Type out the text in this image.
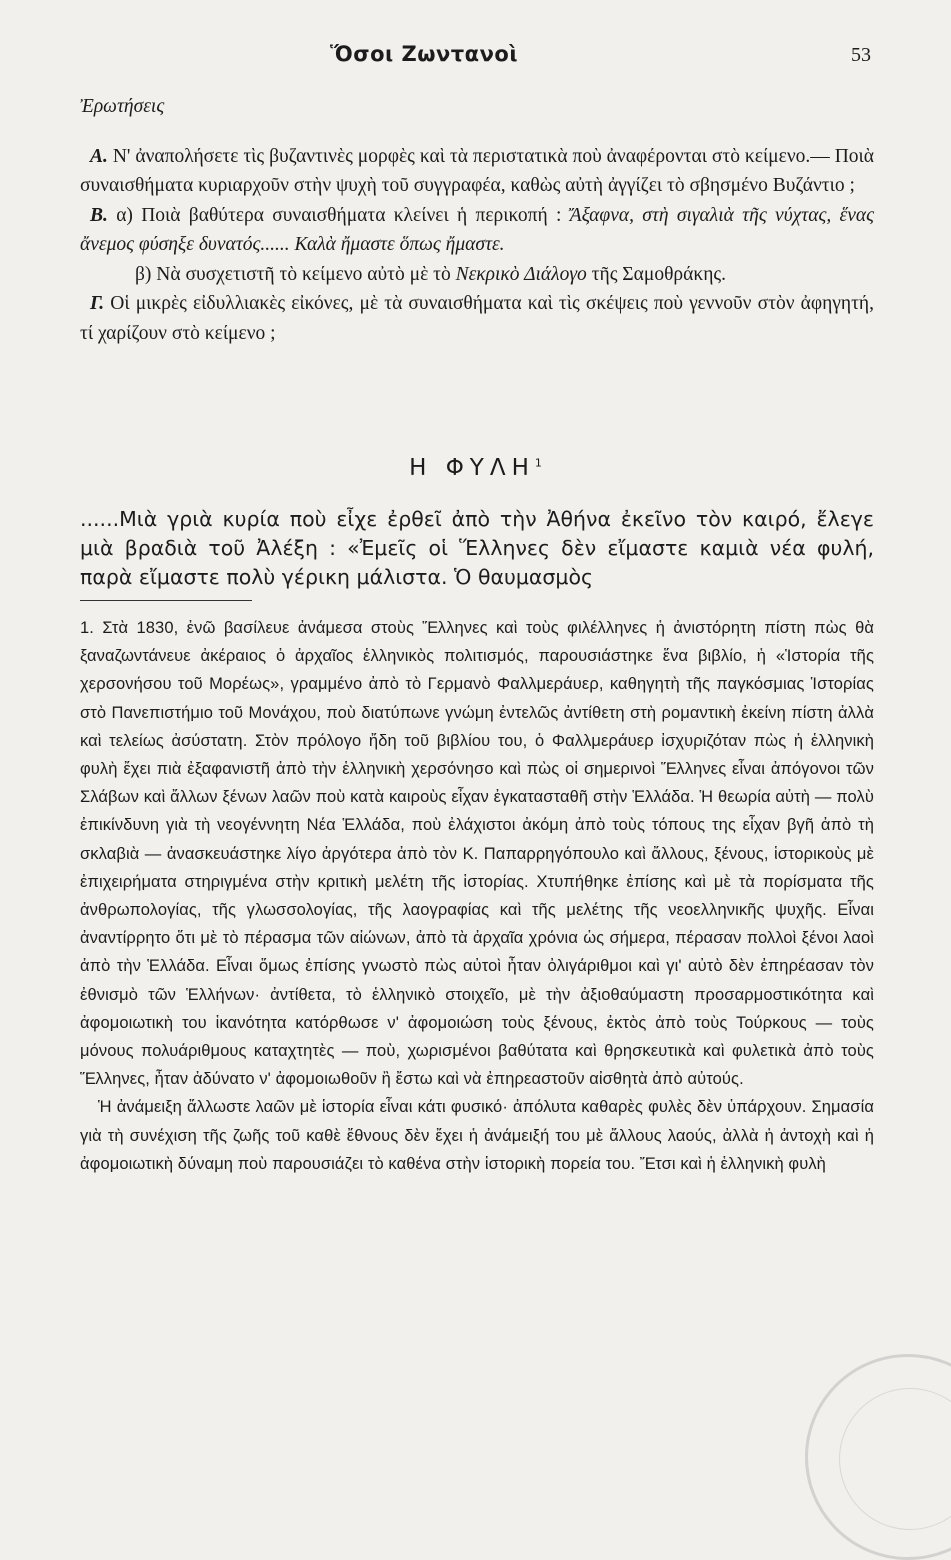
Ὅσοι Ζωντανοὶ	53
Ἐρωτήσεις

Α. Ν' ἀναπολήσετε τὶς βυζαντινὲς μορφὲς καὶ τὰ περιστατικὰ ποὺ ἀναφέρονται στὸ κείμενο.— Ποιὰ συναισθήματα κυριαρχοῦν στὴν ψυχὴ τοῦ συγγραφέα, καθὼς αὐτὴ ἀγγίζει τὸ σβησμένο Βυζάντιο ;

Β. α) Ποιὰ βαθύτερα συναισθήματα κλείνει ἡ περικοπή : Ἄξαφνα, στὴ σιγαλιὰ τῆς νύχτας, ἕνας ἄνεμος φύσηξε δυνατός...... Καλὰ ἤμαστε ὅπως ἤμαστε.

β) Νὰ συσχετιστῆ τὸ κείμενο αὐτὸ μὲ τὸ Νεκρικὸ Διάλογο τῆς Σαμοθράκης.

Γ. Οἱ μικρὲς εἰδυλλιακὲς εἰκόνες, μὲ τὰ συναισθήματα καὶ τὶς σκέψεις ποὺ γεννοῦν στὸν ἀφηγητή, τί χαρίζουν στὸ κείμενο ;

Η ΦΥΛΗ$^1$
......Μιὰ γριὰ κυρία ποὺ εἶχε ἐρθεῖ ἀπὸ τὴν Ἀθήνα ἐκεῖνο τὸν καιρό, ἔλεγε μιὰ βραδιὰ τοῦ Ἀλέξη : «Ἐμεῖς οἱ Ἕλληνες δὲν εἴμαστε καμιὰ νέα φυλή, παρὰ εἴμαστε πολὺ γέρικη μάλιστα. Ὁ θαυμασμὸς

1. Στὰ 1830, ἐνῶ βασίλευε ἀνάμεσα στοὺς Ἕλληνες καὶ τοὺς φιλέλληνες ἡ ἀνιστόρητη πίστη πὼς θὰ ξαναζωντάνευε ἀκέραιος ὁ ἀρχαῖος ἑλληνικὸς πολιτισμός, παρουσιάστηκε ἕνα βιβλίο, ἡ «Ἱστορία τῆς χερσονήσου τοῦ Μορέως», γραμμένο ἀπὸ τὸ Γερμανὸ Φαλλμεράυερ, καθηγητὴ τῆς παγκόσμιας Ἱστορίας στὸ Πανεπιστήμιο τοῦ Μονάχου, ποὺ διατύπωνε γνώμη ἐντελῶς ἀντίθετη στὴ ρομαντικὴ ἐκείνη πίστη ἀλλὰ καὶ τελείως ἀσύστατη. Στὸν πρόλογο ἤδη τοῦ βιβλίου του, ὁ Φαλλμεράυερ ἰσχυριζόταν πὼς ἡ ἑλληνικὴ φυλὴ ἔχει πιὰ ἐξαφανιστῆ ἀπὸ τὴν ἑλληνικὴ χερσόνησο καὶ πὼς οἱ σημερινοὶ Ἕλληνες εἶναι ἀπόγονοι τῶν Σλάβων καὶ ἄλλων ξένων λαῶν ποὺ κατὰ καιροὺς εἶχαν ἐγκατασταθῆ στὴν Ἑλλάδα. Ἡ θεωρία αὐτὴ — πολὺ ἐπικίνδυνη γιὰ τὴ νεογέννητη Νέα Ἑλλάδα, ποὺ ἐλάχιστοι ἀκόμη ἀπὸ τοὺς τόπους της εἶχαν βγῆ ἀπὸ τὴ σκλαβιὰ — ἀνασκευάστηκε λίγο ἀργότερα ἀπὸ τὸν Κ. Παπαρρηγόπουλο καὶ ἄλλους, ξένους, ἱστορικοὺς μὲ ἐπιχειρήματα στηριγμένα στὴν κριτικὴ μελέτη τῆς ἱστορίας. Χτυπήθηκε ἐπίσης καὶ μὲ τὰ πορίσματα τῆς ἀνθρωπολογίας, τῆς γλωσσολογίας, τῆς λαογραφίας καὶ τῆς μελέτης τῆς νεοελληνικῆς ψυχῆς. Εἶναι ἀναντίρρητο ὅτι μὲ τὸ πέρασμα τῶν αἰώνων, ἀπὸ τὰ ἀρχαῖα χρόνια ὡς σήμερα, πέρασαν πολλοὶ ξένοι λαοὶ ἀπὸ τὴν Ἑλλάδα. Εἶναι ὅμως ἐπίσης γνωστὸ πὼς αὐτοὶ ἦταν ὀλιγάριθμοι καὶ γι' αὐτὸ δὲν ἐπηρέασαν τὸν ἐθνισμὸ τῶν Ἑλλήνων· ἀντίθετα, τὸ ἑλληνικὸ στοιχεῖο, μὲ τὴν ἀξιοθαύμαστη προσαρμοστικότητα καὶ ἀφομοιωτικὴ του ἱκανότητα κατόρθωσε ν' ἀφομοιώση τοὺς ξένους, ἐκτὸς ἀπὸ τοὺς Τούρκους — τοὺς μόνους πολυάριθμους καταχτητὲς — ποὺ, χωρισμένοι βαθύτατα καὶ θρησκευτικὰ καὶ φυλετικὰ ἀπὸ τοὺς Ἕλληνες, ἦταν ἀδύνατο ν' ἀφομοιωθοῦν ἢ ἔστω καὶ νὰ ἐπηρεαστοῦν αἰσθητὰ ἀπὸ αὐτούς.

Ἡ ἀνάμειξη ἄλλωστε λαῶν μὲ ἱστορία εἶναι κάτι φυσικό· ἀπόλυτα καθαρὲς φυλὲς δὲν ὑπάρχουν. Σημασία γιὰ τὴ συνέχιση τῆς ζωῆς τοῦ καθὲ ἔθνους δὲν ἔχει ἡ ἀνάμειξή του μὲ ἄλλους λαούς, ἀλλὰ ἡ ἀντοχὴ καὶ ἡ ἀφομοιωτικὴ δύναμη ποὺ παρουσιάζει τὸ καθένα στὴν ἱστορικὴ πορεία του. Ἔτσι καὶ ἡ ἑλληνικὴ φυλὴ
